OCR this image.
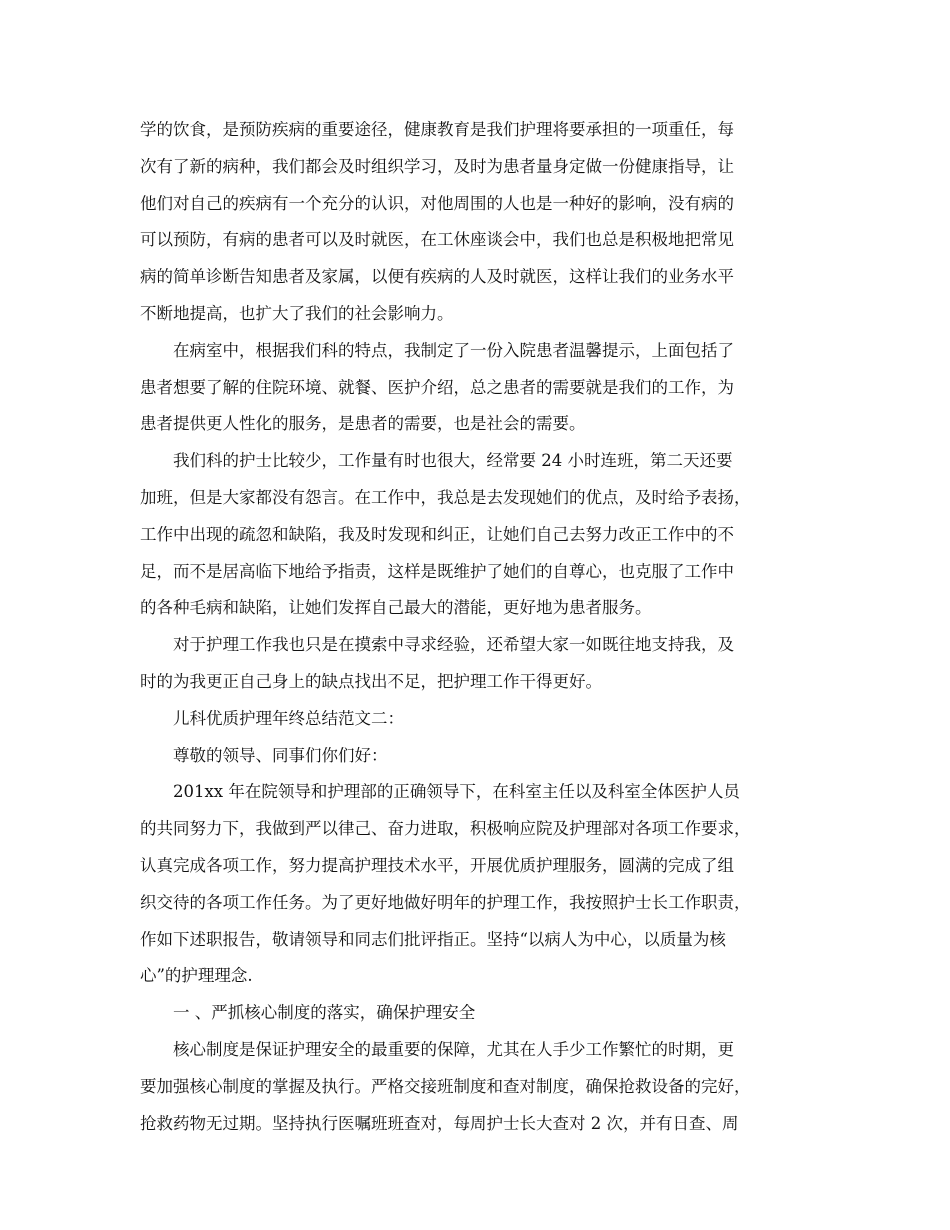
学的饮食，是预防疾病的重要途径，健康教育是我们护理将要承担的一项重任，每
次有了新的病种，我们都会及时组织学习，及时为患者量身定做一份健康指导，让
他们对自己的疾病有一个充分的认识，对他周围的人也是一种好的影响，没有病的
可以预防，有病的患者可以及时就医，在工休座谈会中，我们也总是积极地把常见
病的简单诊断告知患者及家属，以便有疾病的人及时就医，这样让我们的业务水平
不断地提高，也扩大了我们的社会影响力。
在病室中，根据我们科的特点，我制定了一份入院患者温馨提示，上面包括了
患者想要了解的住院环境、就餐、医护介绍，总之患者的需要就是我们的工作，为
患者提供更人性化的服务，是患者的需要，也是社会的需要。
我们科的护士比较少，工作量有时也很大，经常要 24 小时连班，第二天还要
加班，但是大家都没有怨言。在工作中，我总是去发现她们的优点，及时给予表扬，
工作中出现的疏忽和缺陷，我及时发现和纠正，让她们自己去努力改正工作中的不
足，而不是居高临下地给予指责，这样是既维护了她们的自尊心，也克服了工作中
的各种毛病和缺陷，让她们发挥自己最大的潜能，更好地为患者服务。
对于护理工作我也只是在摸索中寻求经验，还希望大家一如既往地支持我，及
时的为我更正自己身上的缺点找出不足，把护理工作干得更好。
儿科优质护理年终总结范文二：
尊敬的领导、同事们你们好：
201xx 年在院领导和护理部的正确领导下，在科室主任以及科室全体医护人员
的共同努力下，我做到严以律己、奋力进取，积极响应院及护理部对各项工作要求，
认真完成各项工作，努力提高护理技术水平，开展优质护理服务，圆满的完成了组
织交待的各项工作任务。为了更好地做好明年的护理工作，我按照护士长工作职责，
作如下述职报告，敬请领导和同志们批评指正。坚持“以病人为中心，以质量为核
心”的护理理念.
一 、严抓核心制度的落实，确保护理安全
核心制度是保证护理安全的最重要的保障，尤其在人手少工作繁忙的时期，更
要加强核心制度的掌握及执行。严格交接班制度和查对制度，确保抢救设备的完好，
抢救药物无过期。坚持执行医嘱班班查对，每周护士长大查对 2 次，并有日查、周
